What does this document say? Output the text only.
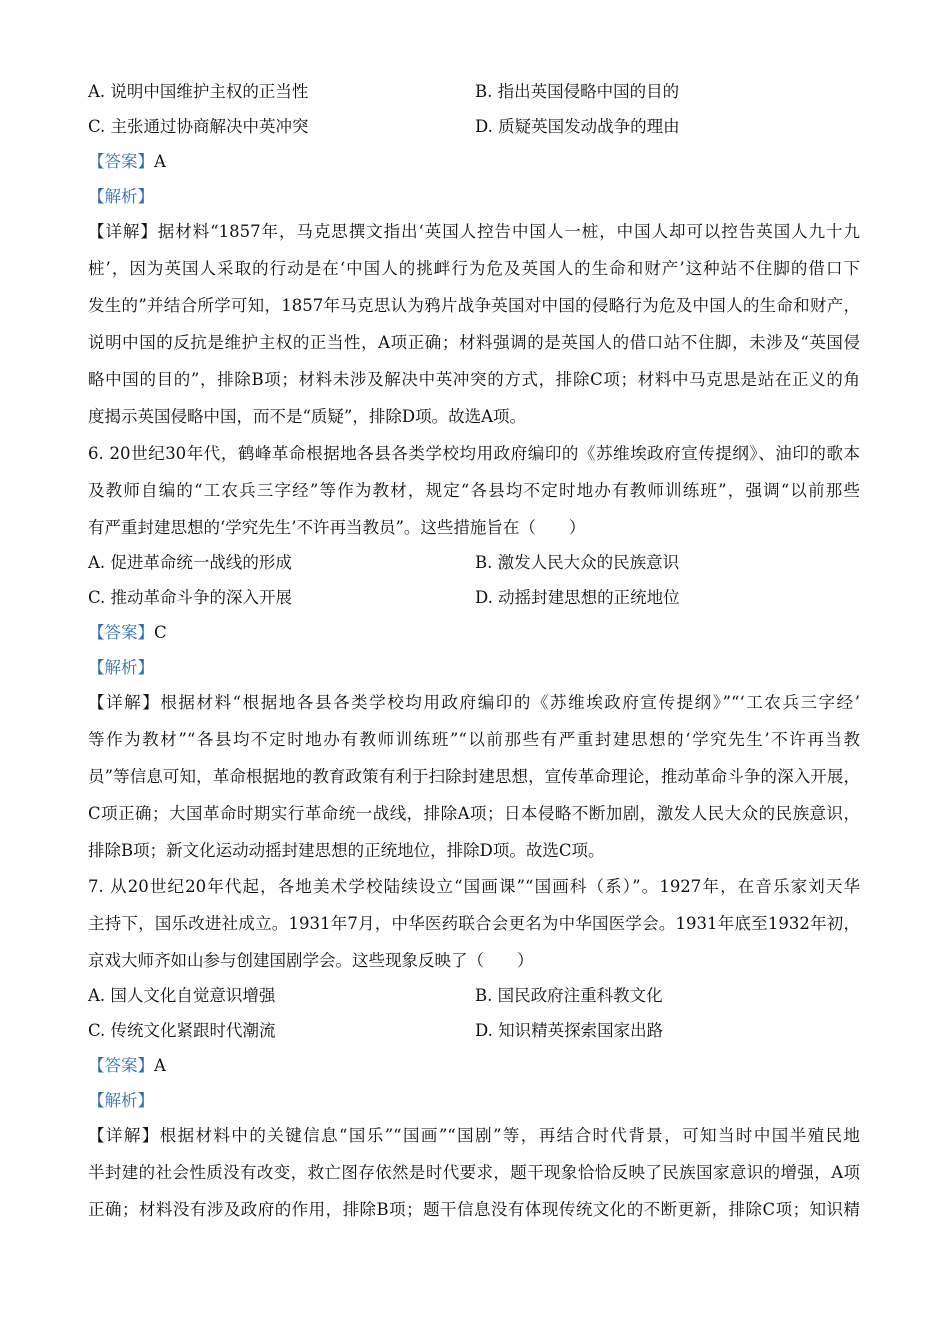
A. 说明中国维护主权的正当性	B. 指出英国侵略中国的目的
C. 主张通过协商解决中英冲突	D. 质疑英国发动战争的理由
【答案】A
【解析】
【详解】据材料“1857年，马克思撰文指出‘英国人控告中国人一桩，中国人却可以控告英国人九十九
桩’，因为英国人采取的行动是在‘中国人的挑衅行为危及英国人的生命和财产’这种站不住脚的借口下
发生的”并结合所学可知，1857年马克思认为鸦片战争英国对中国的侵略行为危及中国人的生命和财产，
说明中国的反抗是维护主权的正当性，A项正确；材料强调的是英国人的借口站不住脚，未涉及“英国侵
略中国的目的”，排除B项；材料未涉及解决中英冲突的方式，排除C项；材料中马克思是站在正义的角
度揭示英国侵略中国，而不是“质疑”，排除D项。故选A项。
6. 20世纪30年代，鹤峰革命根据地各县各类学校均用政府编印的《苏维埃政府宣传提纲》、油印的歌本
及教师自编的“工农兵三字经”等作为教材，规定“各县均不定时地办有教师训练班”，强调“以前那些
有严重封建思想的‘学究先生’不许再当教员”。这些措施旨在（　　）
A. 促进革命统一战线的形成	B. 激发人民大众的民族意识
C. 推动革命斗争的深入开展	D. 动摇封建思想的正统地位
【答案】C
【解析】
【详解】根据材料“根据地各县各类学校均用政府编印的《苏维埃政府宣传提纲》”“‘工农兵三字经’
等作为教材”“各县均不定时地办有教师训练班”“以前那些有严重封建思想的‘学究先生’不许再当教
员”等信息可知，革命根据地的教育政策有利于扫除封建思想，宣传革命理论，推动革命斗争的深入开展，
C项正确；大国革命时期实行革命统一战线，排除A项；日本侵略不断加剧，激发人民大众的民族意识，
排除B项；新文化运动动摇封建思想的正统地位，排除D项。故选C项。
7. 从20世纪20年代起，各地美术学校陆续设立“国画课”“国画科（系）”。1927年，在音乐家刘天华
主持下，国乐改进社成立。1931年7月，中华医药联合会更名为中华国医学会。1931年底至1932年初，
京戏大师齐如山参与创建国剧学会。这些现象反映了（　　）
A. 国人文化自觉意识增强	B. 国民政府注重科教文化
C. 传统文化紧跟时代潮流	D. 知识精英探索国家出路
【答案】A
【解析】
【详解】根据材料中的关键信息“国乐”“国画”“国剧”等，再结合时代背景，可知当时中国半殖民地
半封建的社会性质没有改变，救亡图存依然是时代要求，题干现象恰恰反映了民族国家意识的增强，A项
正确；材料没有涉及政府的作用，排除B项；题干信息没有体现传统文化的不断更新，排除C项；知识精
